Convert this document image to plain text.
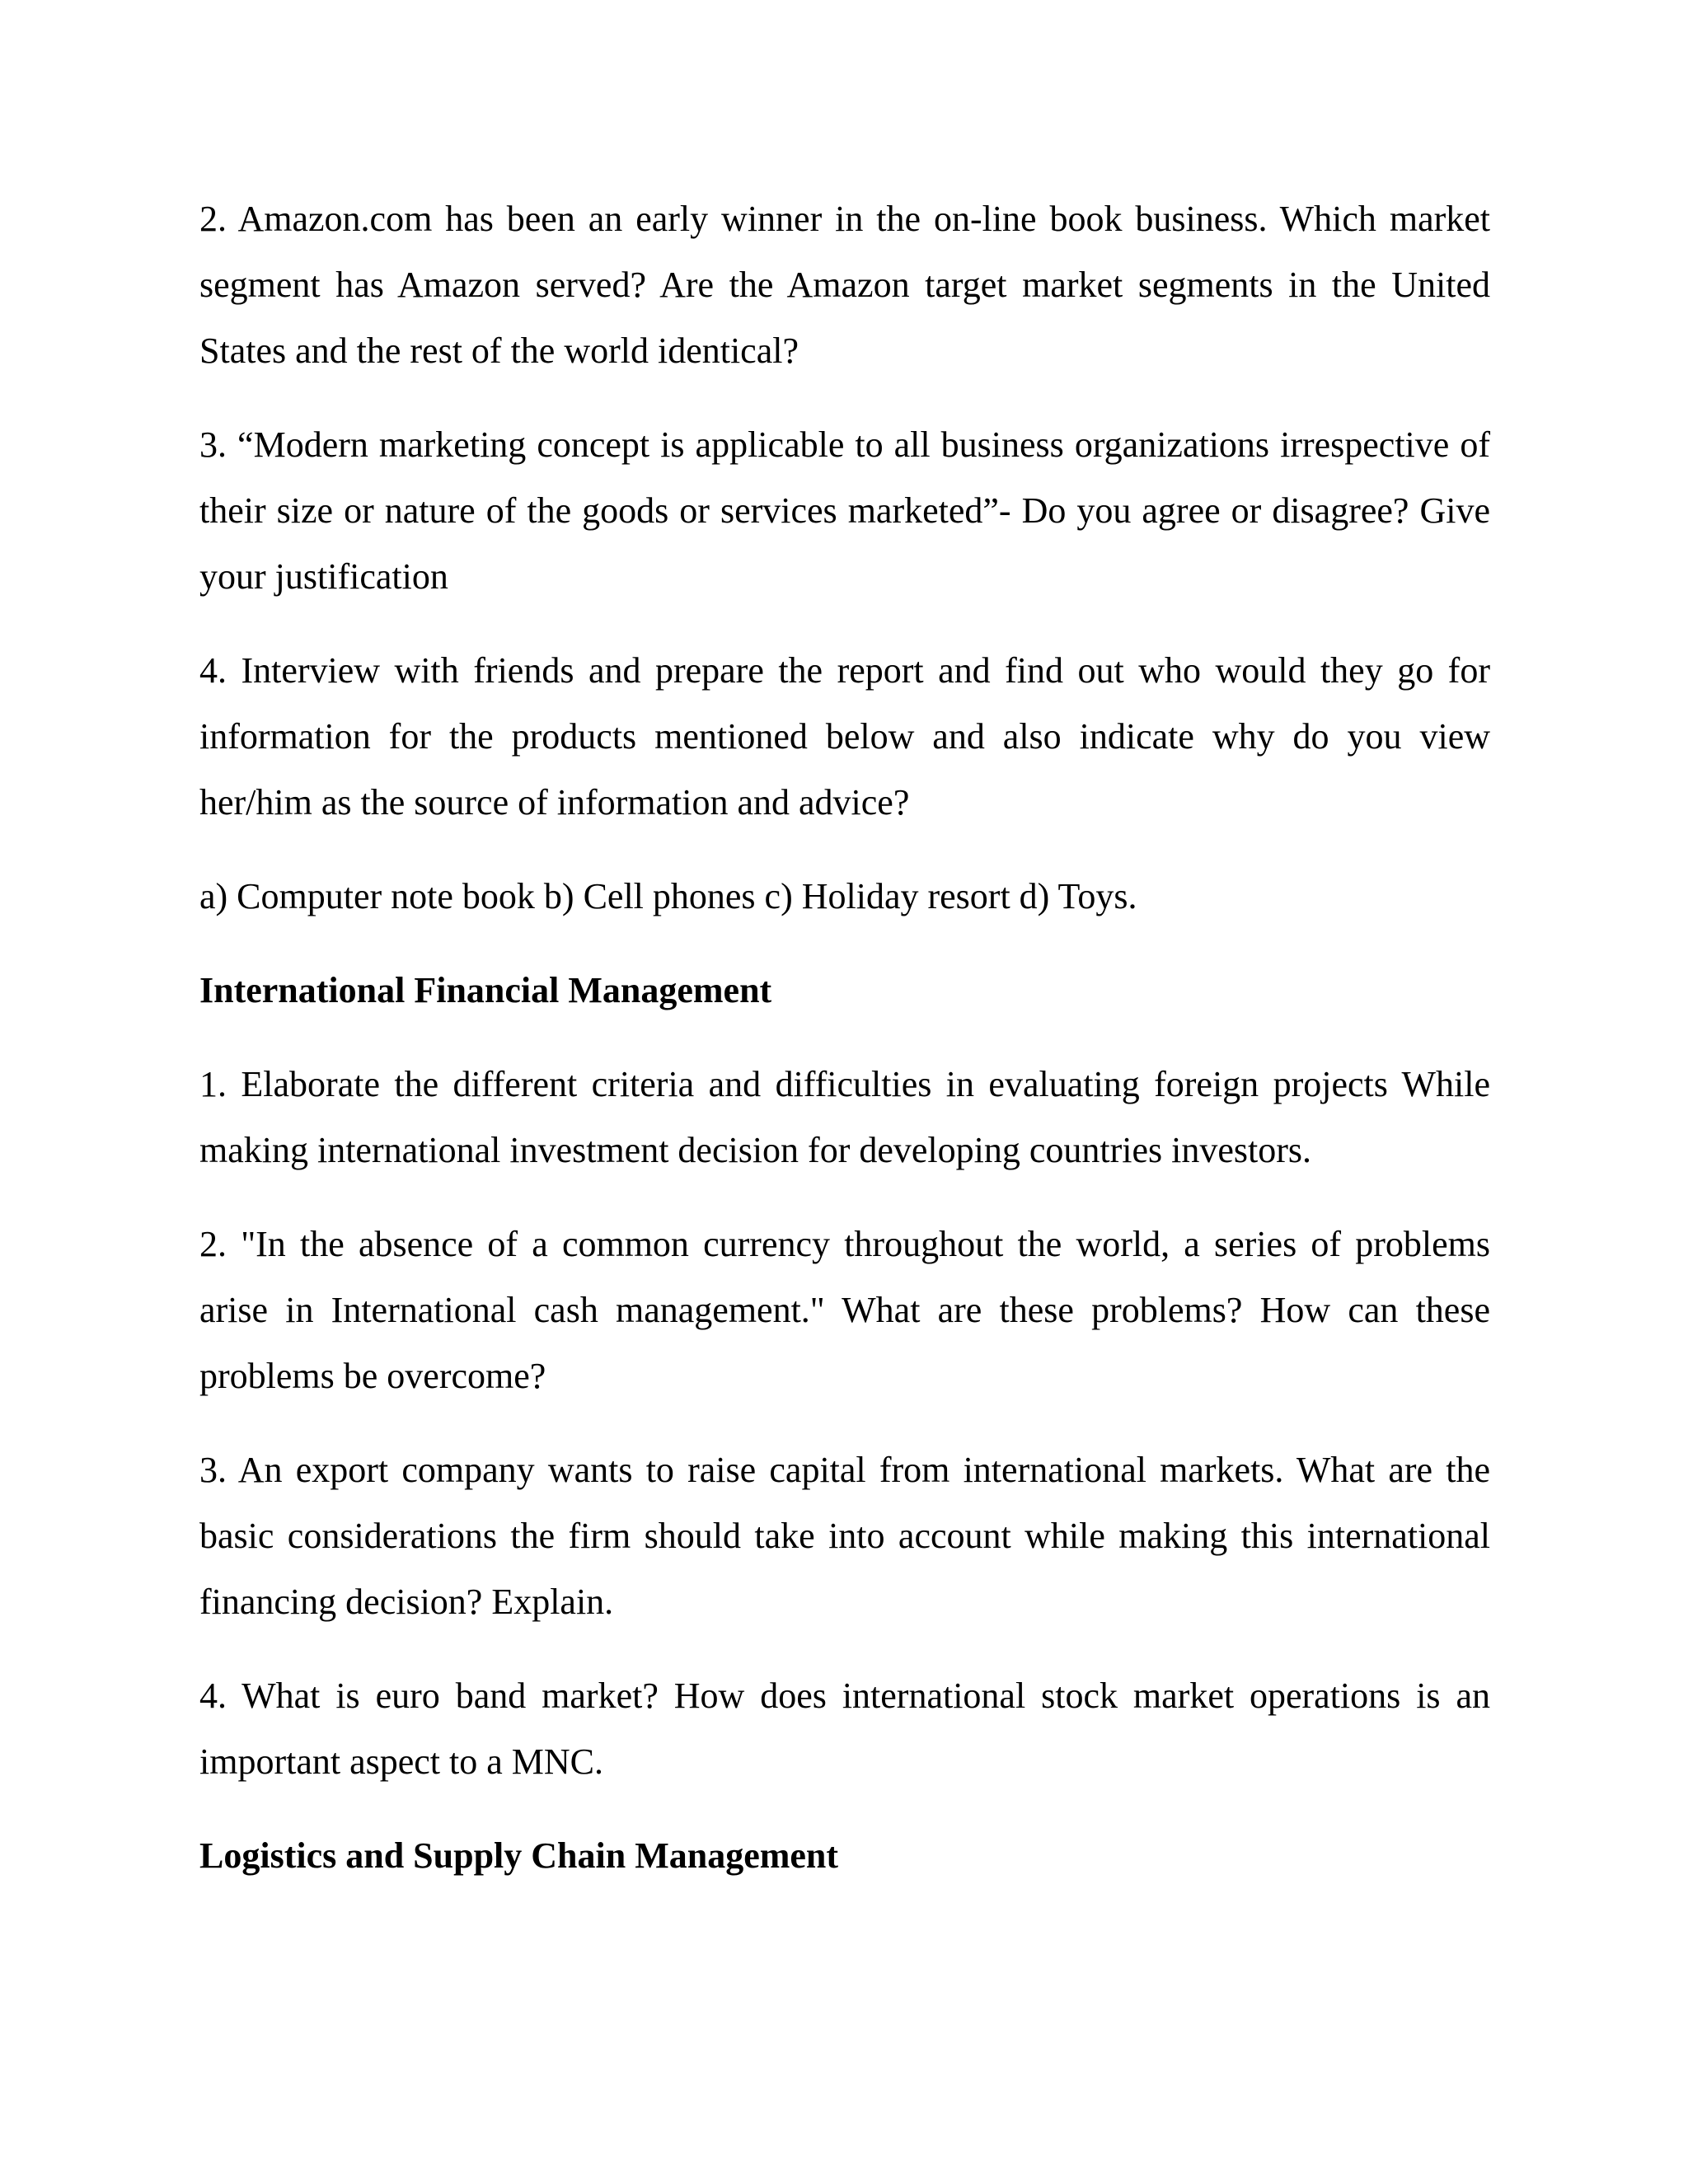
2. Amazon.com has been an early winner in the on-line book business. Which market segment has Amazon served? Are the Amazon target market segments in the United States and the rest of the world identical?

3. “Modern marketing concept is applicable to all business organizations irrespective of their size or nature of the goods or services marketed”- Do you agree or disagree? Give your justification

4. Interview with friends and prepare the report and find out who would they go for information for the products mentioned below and also indicate why do you view her/him as the source of information and advice?

a) Computer note book b) Cell phones c) Holiday resort d) Toys.

International Financial Management

1. Elaborate the different criteria and difficulties in evaluating foreign projects While making international investment decision for developing countries investors.

2. "In the absence of a common currency throughout the world, a series of problems arise in International cash management." What are these problems? How can these problems be overcome?

3. An export company wants to raise capital from international markets. What are the basic considerations the firm should take into account while making this international financing decision? Explain.

4. What is euro band market? How does international stock market operations is an important aspect to a MNC.

Logistics and Supply Chain Management
